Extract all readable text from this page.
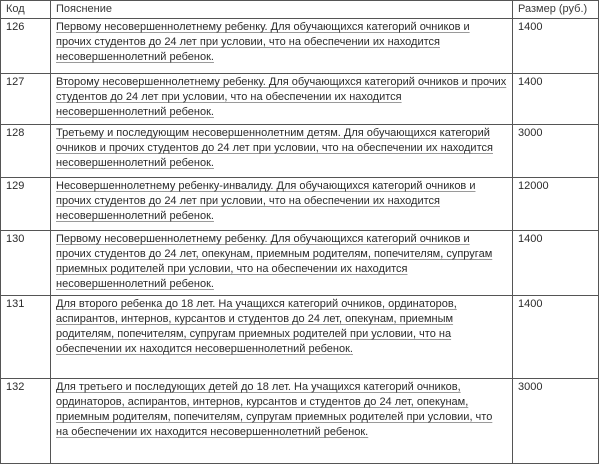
Код	Пояснение	Размер (руб.)
126	Первому несовершеннолетнему ребенку. Для обучающихся категорий очников и прочих студентов до 24 лет при условии, что на обеспечении их находится несовершеннолетний ребенок.	1400
127	Второму несовершеннолетнему ребенку. Для обучающихся категорий очников и прочих студентов до 24 лет при условии, что на обеспечении их находится несовершеннолетний ребенок.	1400
128	Третьему и последующим несовершеннолетним детям. Для обучающихся категорий очников и прочих студентов до 24 лет при условии, что на обеспечении их находится несовершеннолетний ребенок.	3000
129	Несовершеннолетнему ребенку-инвалиду. Для обучающихся категорий очников и прочих студентов до 24 лет при условии, что на обеспечении их находится несовершеннолетний ребенок.	12000
130	Первому несовершеннолетнему ребенку. Для обучающихся категорий очников и прочих студентов до 24 лет, опекунам, приемным родителям, попечителям, супругам приемных родителей при условии, что на обеспечении их находится несовершеннолетний ребенок.	1400
131	Для второго ребенка до 18 лет. На учащихся категорий очников, ординаторов, аспирантов, интернов, курсантов и студентов до 24 лет, опекунам, приемным родителям, попечителям, супругам приемных родителей при условии, что на обеспечении их находится несовершеннолетний ребенок.	1400
132	Для третьего и последующих детей до 18 лет. На учащихся категорий очников, ординаторов, аспирантов, интернов, курсантов и студентов до 24 лет, опекунам, приемным родителям, попечителям, супругам приемных родителей при условии, что на обеспечении их находится несовершеннолетний ребенок.	3000
